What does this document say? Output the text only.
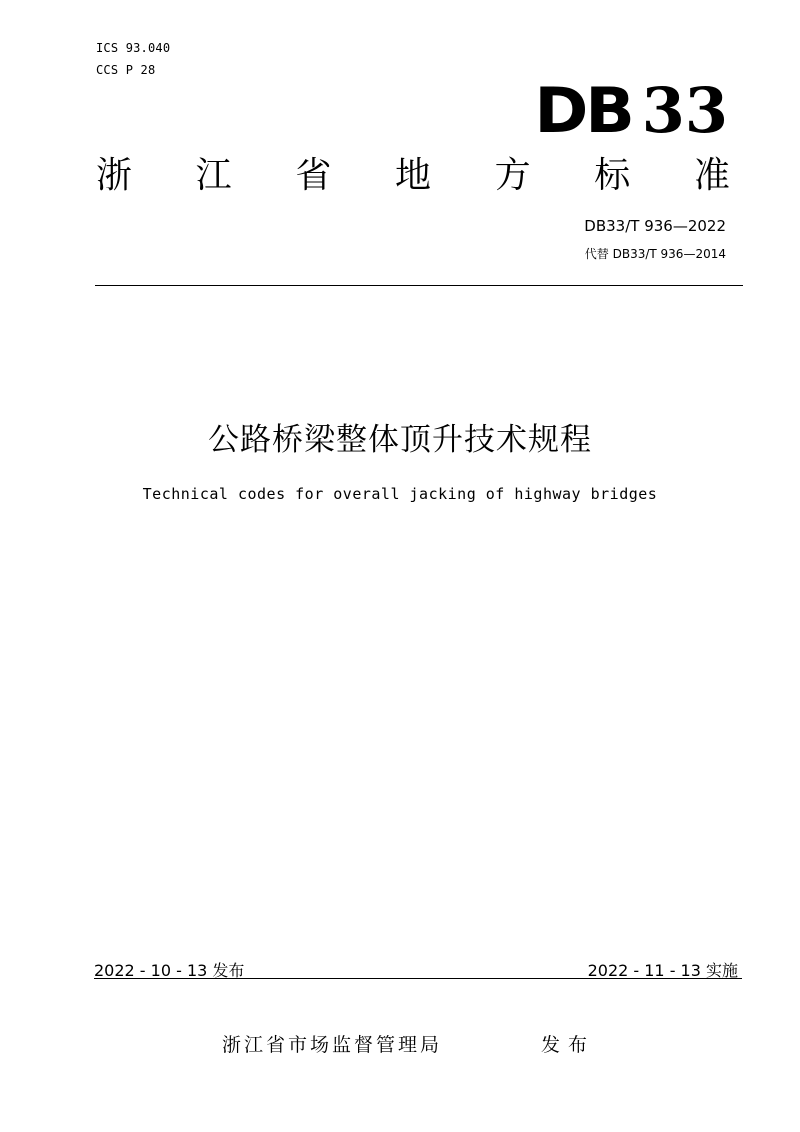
ICS 93.040
CCS P 28
DB 33
浙 江 省 地 方 标 准
DB33/T 936—2022
代替 DB33/T 936—2014
公路桥梁整体顶升技术规程
Technical codes for overall jacking of highway bridges
2022 - 10 - 13 发布	2022 - 11 - 13 实施
浙江省市场监督管理局	发布
